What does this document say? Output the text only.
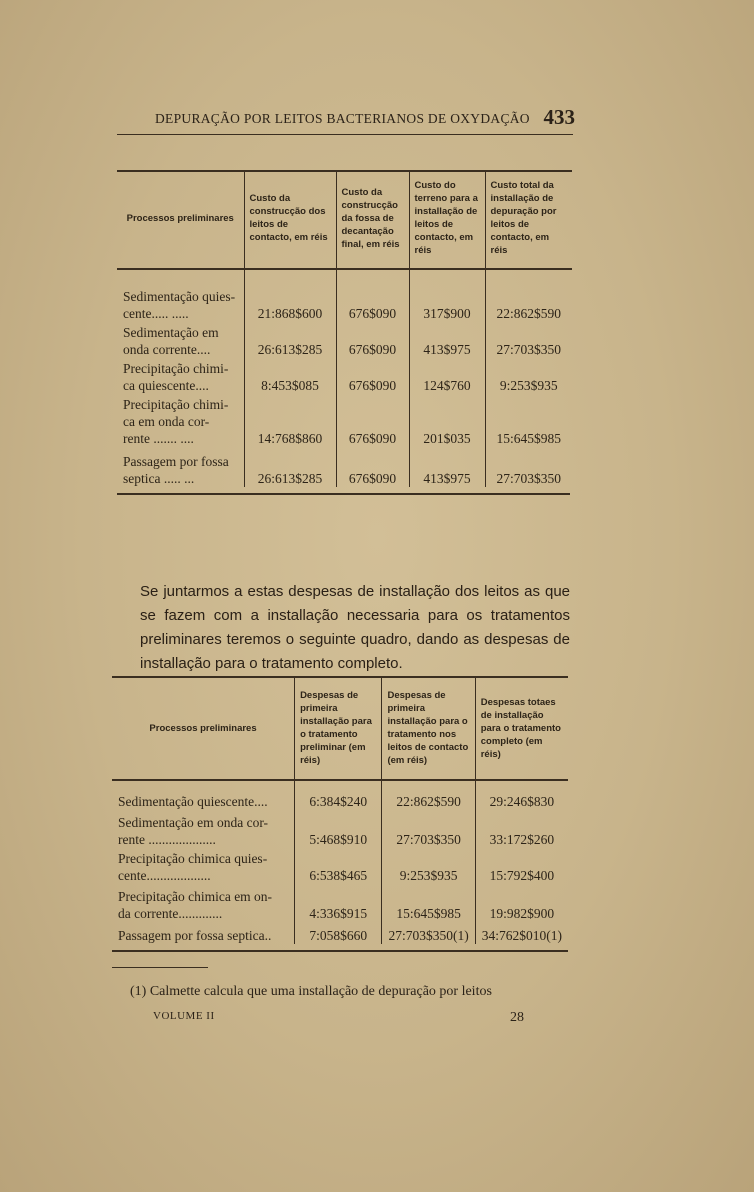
DEPURAÇÃO POR LEITOS BACTERIANOS DE OXYDAÇÃO 433
Processos preliminares	Custo da construcção dos leitos de contacto, em réis	Custo da construcção da fossa de decantação final, em réis	Custo do terreno para a installação de leitos de contacto, em réis	Custo total da installação de depuração por leitos de contacto, em réis

Sedimentação quies-
cente..... .....	21:868$600	676$090	317$900	22:862$590

Sedimentação em
onda corrente....	26:613$285	676$090	413$975	27:703$350

Precipitação chimi-
ca quiescente....	8:453$085	676$090	124$760	9:253$935

Precipitação chimi-
ca em onda cor-
rente ....... ....	14:768$860	676$090	201$035	15:645$985

Passagem por fossa
septica ..... ...	26:613$285	676$090	413$975	27:703$350

Se juntarmos a estas despesas de installação dos leitos as que se fazem com a installação necessaria para os tratamentos preliminares teremos o seguinte quadro, dando as despesas de installação para o tratamento completo.

Processos preliminares	Despesas de primeira installação para o tratamento preliminar (em réis)	Despesas de primeira installação para o tratamento nos leitos de contacto (em réis)	Despesas totaes de installação para o tratamento completo (em réis)

Sedimentação quiescente....	6:384$240	22:862$590	29:246$830

Sedimentação em onda cor-
rente ....................	5:468$910	27:703$350	33:172$260

Precipitação chimica quies-
cente...................	6:538$465	9:253$935	15:792$400

Precipitação chimica em on-
da corrente.............	4:336$915	15:645$985	19:982$900

Passagem por fossa septica..	7:058$660	27:703$350(1)	34:762$010(1)
(1) Calmette calcula que uma installação de depuração por leitos
VOLUME II	28
